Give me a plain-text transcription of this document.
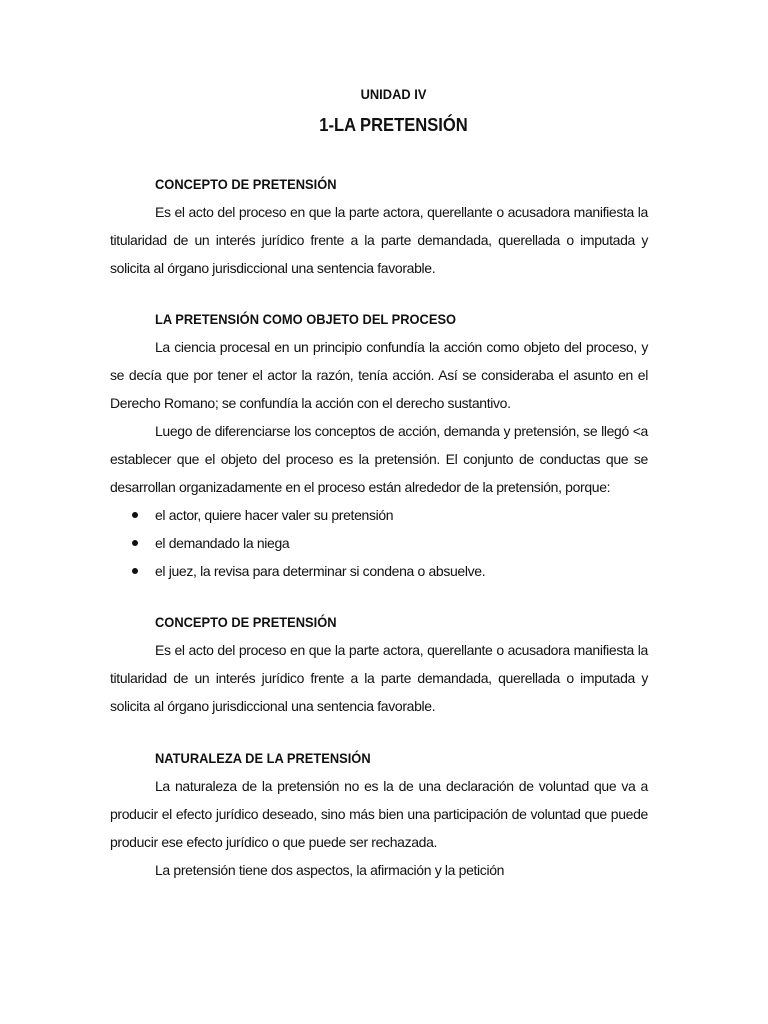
UNIDAD IV
1-LA PRETENSIÓN
CONCEPTO DE PRETENSIÓN

Es el acto del proceso en que la parte actora, querellante o acusadora manifiesta la titularidad de un interés jurídico frente a la parte demandada, querellada o imputada y solicita al órgano jurisdiccional una sentencia favorable.

LA PRETENSIÓN COMO OBJETO DEL PROCESO

La ciencia procesal en un principio confundía la acción como objeto del proceso, y se decía que por tener el actor la razón, tenía acción. Así se consideraba el asunto en el Derecho Romano; se confundía la acción con el derecho sustantivo.

Luego de diferenciarse los conceptos de acción, demanda y pretensión, se llegó <a establecer que el objeto del proceso es la pretensión. El conjunto de conductas que se desarrollan organizadamente en el proceso están alrededor de la pretensión, porque:

el actor, quiere hacer valer su pretensión
el demandado la niega
el juez, la revisa para determinar si condena o absuelve.
CONCEPTO DE PRETENSIÓN

Es el acto del proceso en que la parte actora, querellante o acusadora manifiesta la titularidad de un interés jurídico frente a la parte demandada, querellada o imputada y solicita al órgano jurisdiccional una sentencia favorable.

NATURALEZA DE LA PRETENSIÓN

La naturaleza de la pretensión no es la de una declaración de voluntad que va a producir el efecto jurídico deseado, sino más bien una participación de voluntad que puede producir ese efecto jurídico o que puede ser rechazada.

La pretensión tiene dos aspectos, la afirmación y la petición
